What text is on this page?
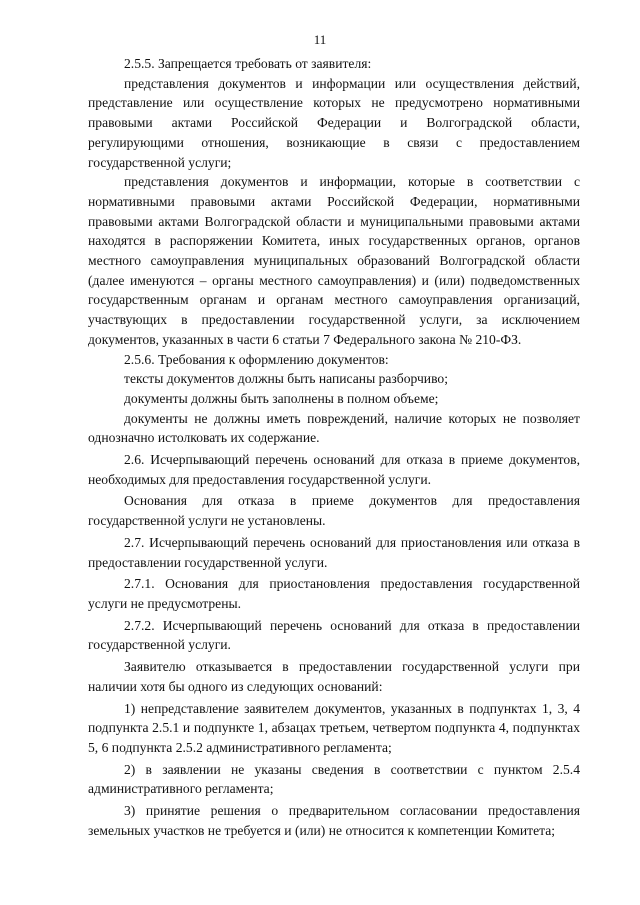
11

2.5.5. Запрещается требовать от заявителя:

представления документов и информации или осуществления действий, представление или осуществление которых не предусмотрено нормативными правовыми актами Российской Федерации и Волгоградской области, регулирующими отношения, возникающие в связи с предоставлением государственной услуги;

представления документов и информации, которые в соответствии с нормативными правовыми актами Российской Федерации, нормативными правовыми актами Волгоградской области и муниципальными правовыми актами находятся в распоряжении Комитета, иных государственных органов, органов местного самоуправления муниципальных образований Волгоградской области (далее именуются – органы местного самоуправления) и (или) подведомственных государственным органам и органам местного самоуправления организаций, участвующих в предоставлении государственной услуги, за исключением документов, указанных в части 6 статьи 7 Федерального закона № 210-ФЗ.

2.5.6. Требования к оформлению документов:

тексты документов должны быть написаны разборчиво;

документы должны быть заполнены в полном объеме;

документы не должны иметь повреждений, наличие которых не позволяет однозначно истолковать их содержание.

2.6. Исчерпывающий перечень оснований для отказа в приеме документов, необходимых для предоставления государственной услуги.

Основания для отказа в приеме документов для предоставления государственной услуги не установлены.

2.7. Исчерпывающий перечень оснований для приостановления или отказа в предоставлении государственной услуги.

2.7.1. Основания для приостановления предоставления государственной услуги не предусмотрены.

2.7.2. Исчерпывающий перечень оснований для отказа в предоставлении государственной услуги.

Заявителю отказывается в предоставлении государственной услуги при наличии хотя бы одного из следующих оснований:

1) непредставление заявителем документов, указанных в подпунктах 1, 3, 4 подпункта 2.5.1 и подпункте 1, абзацах третьем, четвертом подпункта 4, подпунктах 5, 6 подпункта 2.5.2 административного регламента;

2) в заявлении не указаны сведения в соответствии с пунктом 2.5.4 административного регламента;

3) принятие решения о предварительном согласовании предоставления земельных участков не требуется и (или) не относится к компетенции Комитета;
